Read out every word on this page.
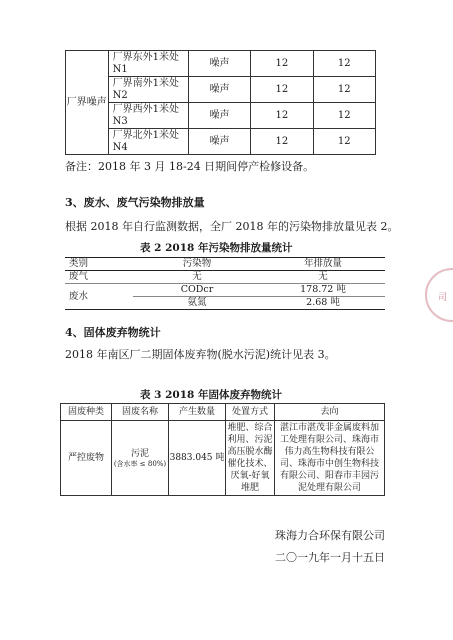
厂界噪声	厂界东外1米处N1	噪声	12	12
	厂界南外1米处N2	噪声	12	12
	厂界西外1米处N3	噪声	12	12
	厂界北外1米处N4	噪声	12	12
备注：2018 年 3 月 18-24 日期间停产检修设备。
3、废水、废气污染物排放量
根据 2018 年自行监测数据，全厂 2018 年的污染物排放量见表 2。
表 2 2018 年污染物排放量统计
类别	污染物	年排放量
废气	无	无
废水	CODcr	178.72 吨
	氨氮	2.68 吨
4、固体废弃物统计
2018 年南区厂二期固体废弃物(脱水污泥)统计见表 3。
表 3 2018 年固体废弃物统计
固废种类	固废名称	产生数量	处置方式	去向
严控废物	污泥
(含水率 ≤ 80%)	3883.045 吨	堆肥、综合利用、污泥高压脱水酶催化技术、厌氧-好氧堆肥	湛江市湛茂非金属废料加工处理有限公司、珠海市伟力高生物科技有限公司、珠海市中创生物科技有限公司、阳春市丰园污泥处理有限公司
珠海力合环保有限公司
二〇一九年一月十五日
司
